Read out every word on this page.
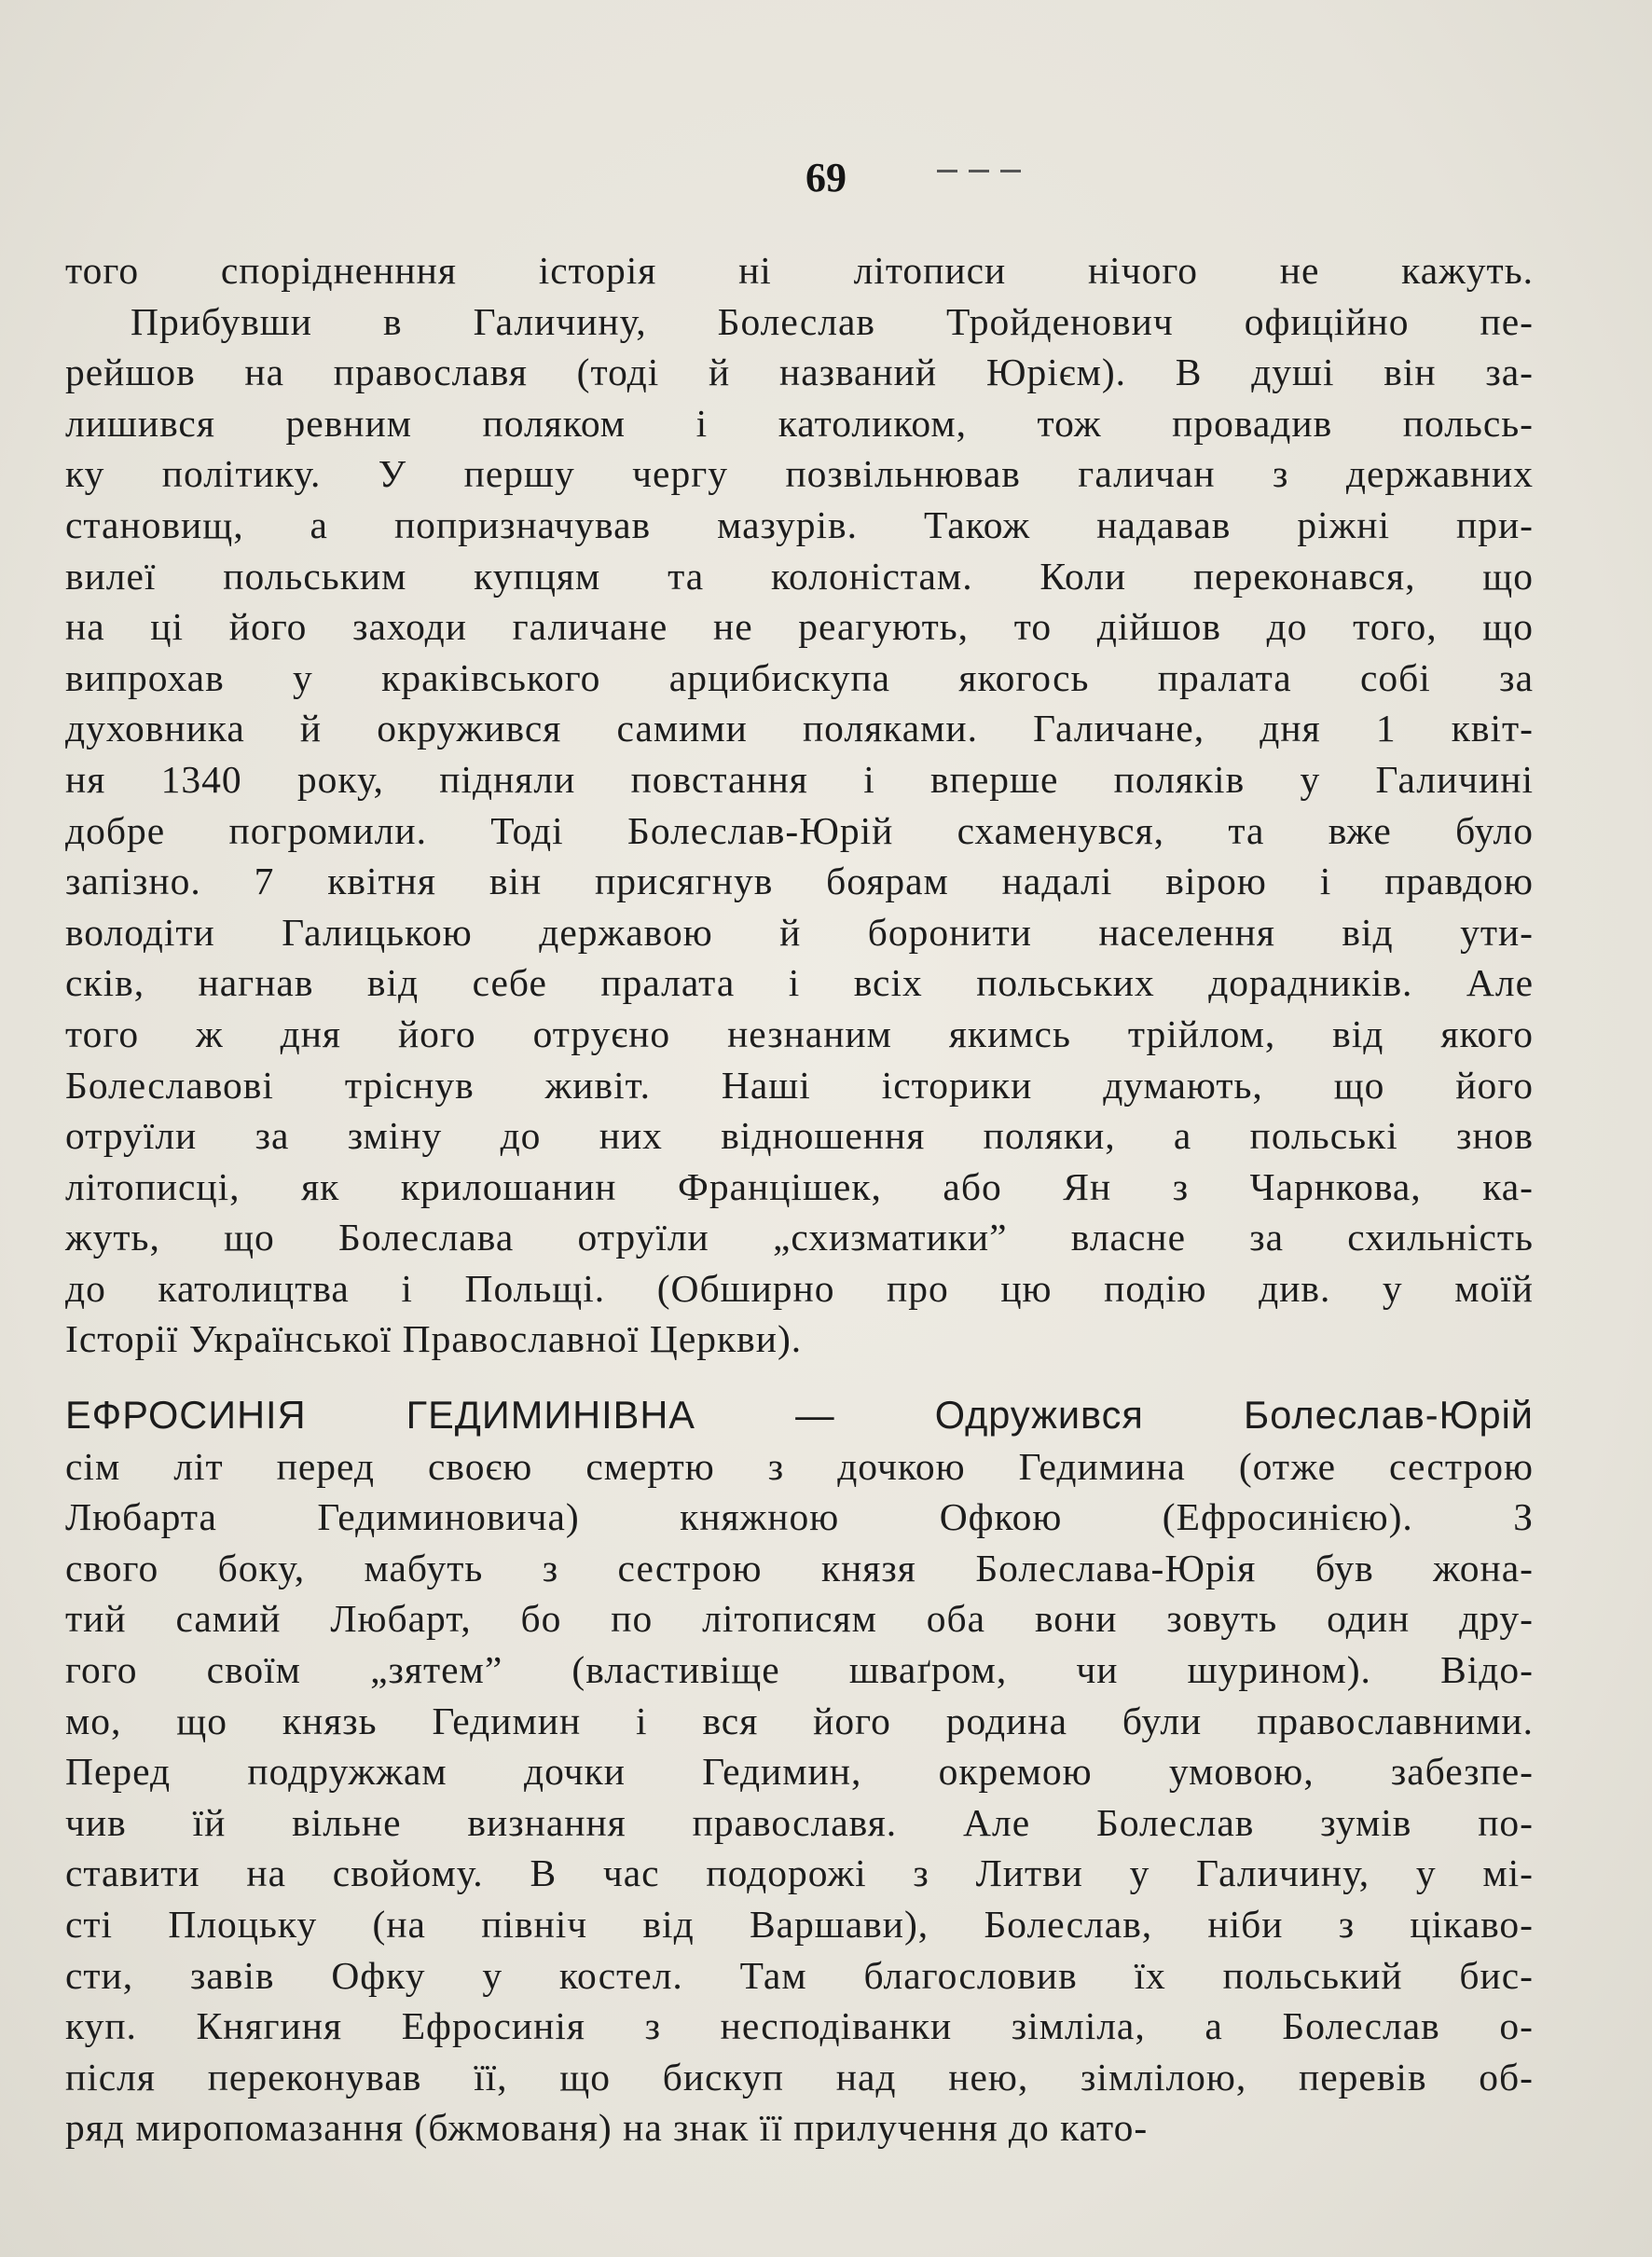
69
того спорідненння історія ні літописи нічого не кажуть.
Прибувши в Галичину, Болеслав Тройденович офиційно пе-
рейшов на православя (тоді й названий Юрієм). В душі він за-
лишився ревним поляком і католиком, тож провадив польсь-
ку політику. У першу чергу позвільнював галичан з державних
становищ, а попризначував мазурів. Також надавав ріжні при-
вилеї польським купцям та колоністам. Коли переконався, що
на ці його заходи галичане не реагують, то дійшов до того, що
випрохав у краківського арцибискупа якогось пралата собі за
духовника й окружився самими поляками. Галичане, дня 1 квіт-
ня 1340 року, підняли повстання і вперше поляків у Галичині
добре погромили. Тоді Болеслав-Юрій схаменувся, та вже було
запізно. 7 квітня він присягнув боярам надалі вірою і правдою
володіти Галицькою державою й боронити населення від ути-
сків, нагнав від себе пралата і всіх польських дорадників. Але
того ж дня його отруєно незнаним якимсь трійлом, від якого
Болеславові тріснув живіт. Наші історики думають, що його
отруїли за зміну до них відношення поляки, а польські знов
літописці, як крилошанин Францішек, або Ян з Чарнкова, ка-
жуть, що Болеслава отруїли „схизматики” власне за схильність
до католицтва і Польщі. (Обширно про цю подію див. у моїй
Історії Української Православної Церкви).
ЕФРОСИНІЯ ГЕДИМИНІВНА — Одружився Болеслав-Юрій
сім літ перед своєю смертю з дочкою Гедимина (отже сестрою
Любарта Гедиминовича) княжною Офкою (Ефросинією). З
свого боку, мабуть з сестрою князя Болеслава-Юрія був жона-
тий самий Любарт, бо по літописям оба вони зовуть один дру-
гого своїм „зятем” (властивіще шваґром, чи шурином). Відо-
мо, що князь Гедимин і вся його родина були православними.
Перед подружжам дочки Гедимин, окремою умовою, забезпе-
чив їй вільне визнання православя. Але Болеслав зумів по-
ставити на свойому. В час подорожі з Литви у Галичину, у мі-
сті Плоцьку (на північ від Варшави), Болеслав, ніби з цікаво-
сти, завів Офку у костел. Там благословив їх польський бис-
куп. Княгиня Ефросинія з несподіванки зімліла, а Болеслав о-
після переконував її, що бискуп над нею, зімлілою, перевів об-
ряд миропомазання (бжмованя) на знак її прилучення до като-
